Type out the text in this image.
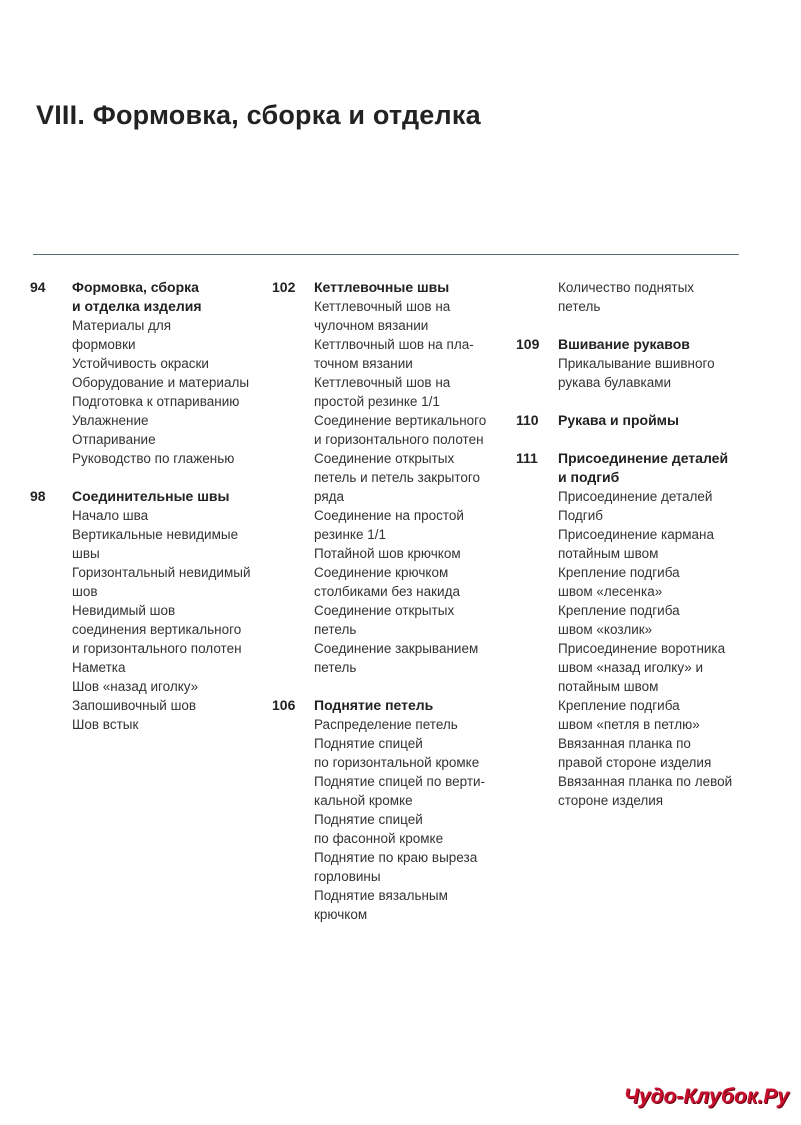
VIII. Формовка, сборка и отделка
94 Формовка, сборка
и отделка изделия
Материалы для
формовки
Устойчивость окраски
Оборудование и материалы
Подготовка к отпариванию
Увлажнение
Отпаривание
Руководство по глаженью
98 Соединительные швы
Начало шва
Вертикальные невидимые
швы
Горизонтальный невидимый
шов
Невидимый шов
соединения вертикального
и горизонтального полотен
Наметка
Шов «назад иголку»
Запошивочный шов
Шов встык
102 Кеттлевочные швы
Кеттлевочный шов на
чулочном вязании
Кеттлвочный шов на пла-
точном вязании
Кеттлевочный шов на
простой резинке 1/1
Соединение вертикального
и горизонтального полотен
Соединение открытых
петель и петель закрытого
ряда
Соединение на простой
резинке 1/1
Потайной шов крючком
Соединение крючком
столбиками без накида
Соединение открытых
петель
Соединение закрыванием
петель
106 Поднятие петель
Распределение петель
Поднятие спицей
по горизонтальной кромке
Поднятие спицей по верти-
кальной кромке
Поднятие спицей
по фасонной кромке
Поднятие по краю выреза
горловины
Поднятие вязальным
крючком
Количество поднятых
петель
109 Вшивание рукавов
Прикалывание вшивного
рукава булавками
110 Рукава и проймы
111 Присоединение деталей
и подгиб
Присоединение деталей
Подгиб
Присоединение кармана
потайным швом
Крепление подгиба
швом «лесенка»
Крепление подгиба
швом «козлик»
Присоединение воротника
швом «назад иголку» и
потайным швом
Крепление подгиба
швом «петля в петлю»
Ввязанная планка по
правой стороне изделия
Ввязанная планка по левой
стороне изделия
Чудо-Клубок.Ру
